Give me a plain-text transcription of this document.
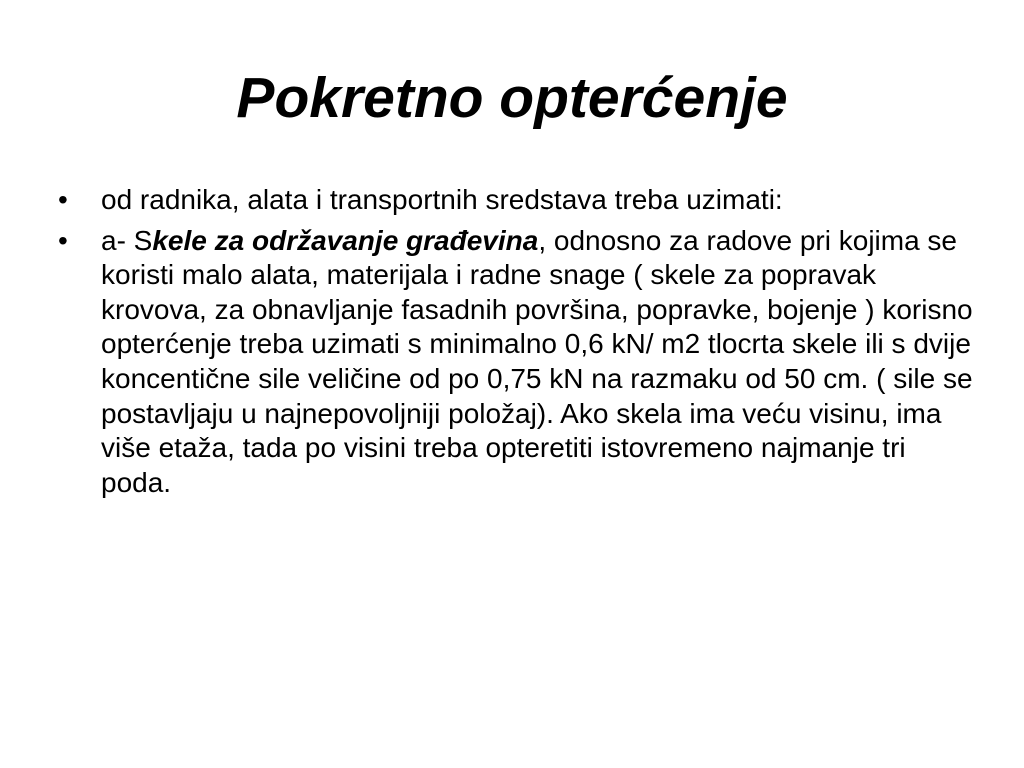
Pokretno opterćenje
• od radnika, alata i transportnih sredstava treba uzimati:
• a- Skele za održavanje građevina, odnosno za radove pri kojima se koristi malo alata, materijala i radne snage ( skele za popravak krovova, za obnavljanje fasadnih površina, popravke, bojenje ) korisno opterćenje treba uzimati s minimalno 0,6 kN/ m2 tlocrta skele ili s dvije koncentične sile veličine od po 0,75 kN na razmaku od 50 cm. ( sile se postavljaju u najnepovoljniji položaj). Ako skela ima veću visinu, ima više etaža, tada po visini treba opteretiti istovremeno najmanje tri poda.
